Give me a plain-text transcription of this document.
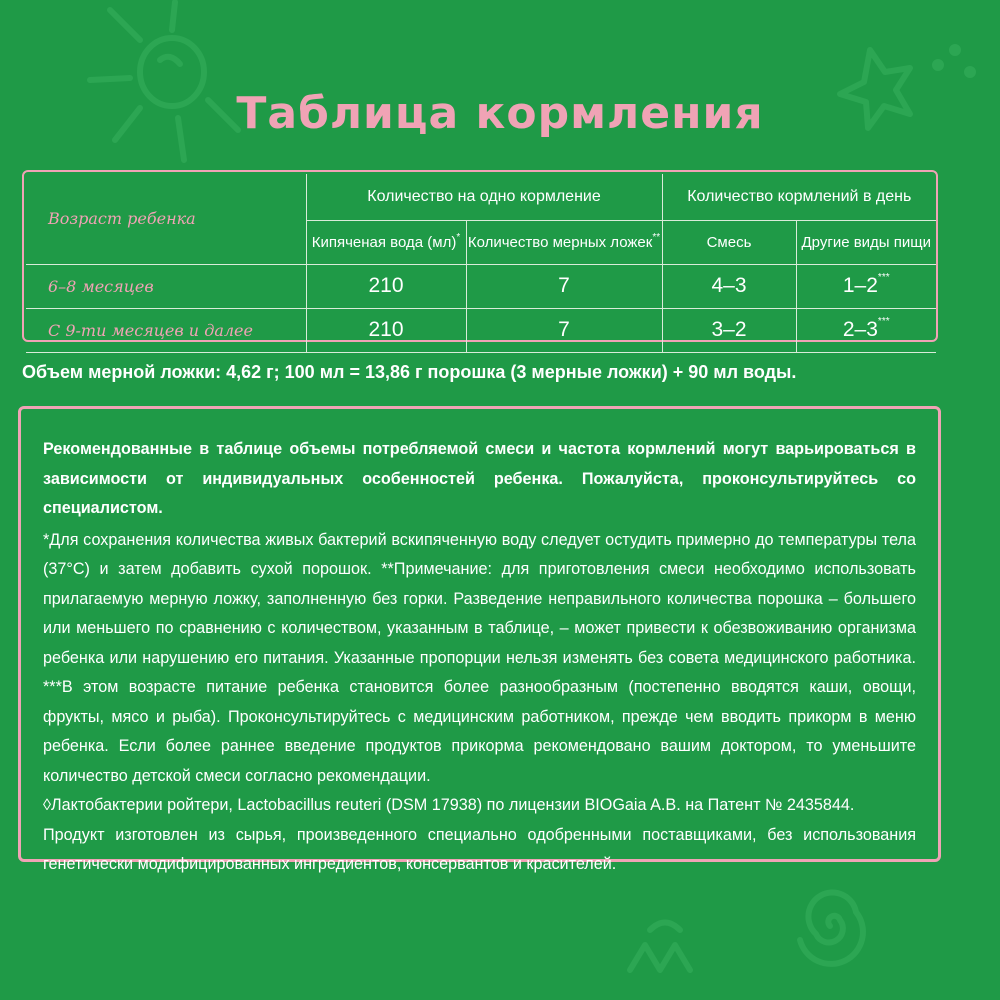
Таблица кормления
Возраст ребенка	Количество на одно кормление		Количество кормлений в день	
	Кипяченая вода (мл)*	Количество мерных ложек**	Смесь	Другие виды пищи
6–8 месяцев	210	7	4–3	1–2***
С 9-ти месяцев и далее	210	7	3–2	2–3***

Объем мерной ложки: 4,62 г; 100 мл = 13,86 г порошка (3 мерные ложки) + 90 мл воды.

Рекомендованные в таблице объемы потребляемой смеси и частота кормлений могут варьироваться в зависимости от индивидуальных особенностей ребенка. Пожалуйста, проконсультируйтесь со специалистом.

*Для сохранения количества живых бактерий вскипяченную воду следует остудить примерно до температуры тела (37°С) и затем добавить сухой порошок. **Примечание: для приготовления смеси необходимо использовать прилагаемую мерную ложку, заполненную без горки. Разведение неправильного количества порошка – большего или меньшего по сравнению с количеством, указанным в таблице, – может привести к обезвоживанию организма ребенка или нарушению его питания. Указанные пропорции нельзя изменять без совета медицинского работника. ***В этом возрасте питание ребенка становится более разнообразным (постепенно вводятся каши, овощи, фрукты, мясо и рыба). Проконсультируйтесь с медицинским работником, прежде чем вводить прикорм в меню ребенка. Если более раннее введение продуктов прикорма рекомендовано вашим доктором, то уменьшите количество детской смеси согласно рекомендации.

◊Лактобактерии ройтери, Lactobacillus reuteri (DSM 17938) по лицензии BIOGaia A.B. на Патент № 2435844.

Продукт изготовлен из сырья, произведенного специально одобренными поставщиками, без использования генетически модифицированных ингредиентов, консервантов и красителей.
